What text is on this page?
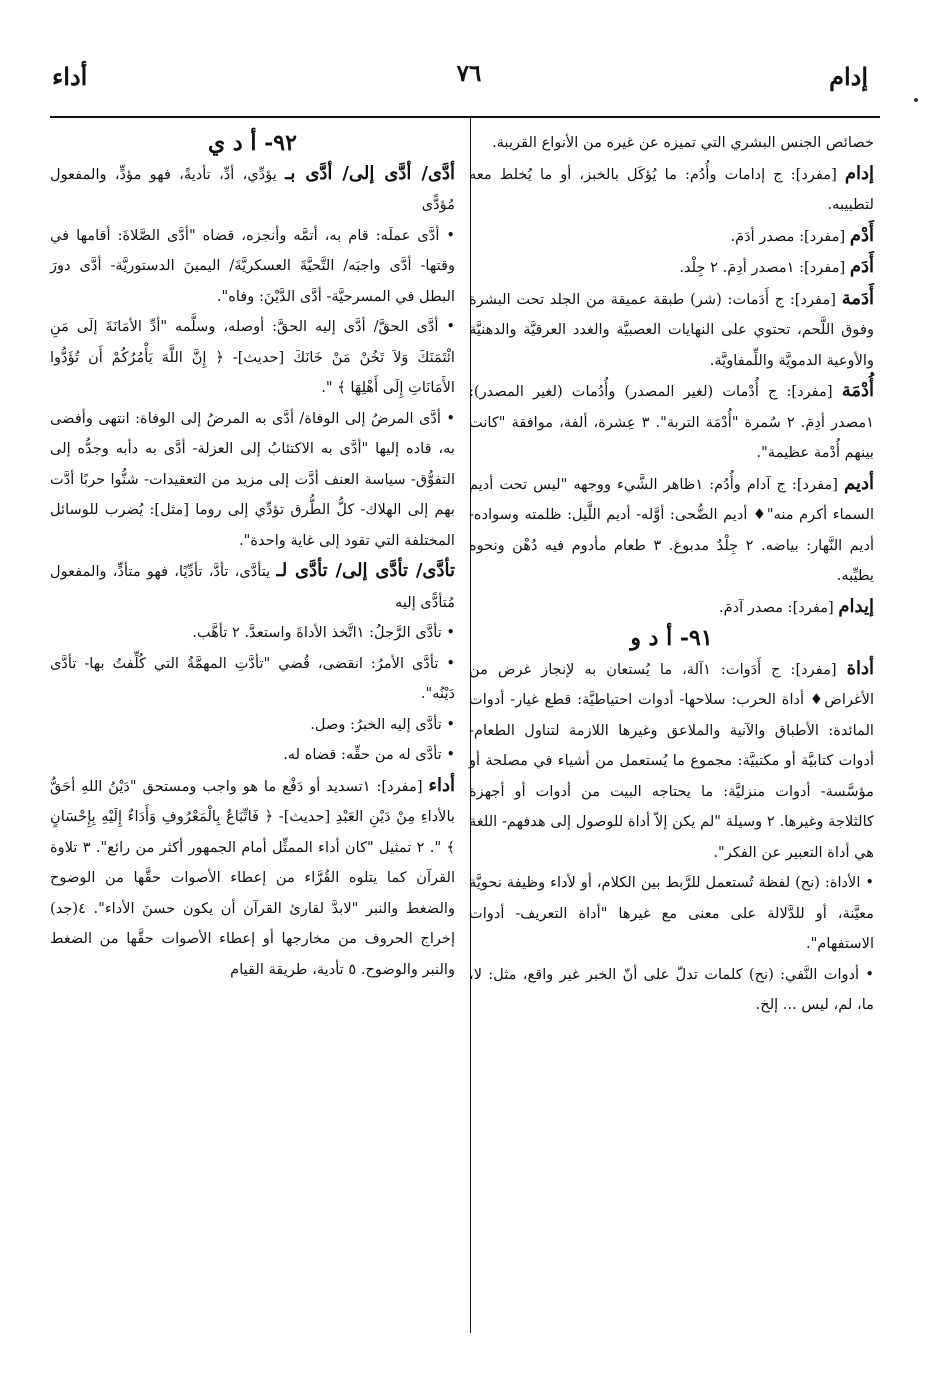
إدام
٧٦
أداء

خصائص الجنس البشري التي تميزه عن غيره من الأنواع القريبة.

إدام [مفرد]: ج إدامات وأُدُم: ما يُؤكَل بالخبز، أو ما يُخلط معه لتطييبه.

أَدْم [مفرد]: مصدر أدَمَ.

أَدَم [مفرد]: ١مصدر أدِمَ. ٢ جِلْد.

أَدَمة [مفرد]: ج أَدَمات: (شر) طبقة عميقة من الجلد تحت البشرة وفوق اللَّحم، تحتوي على النهايات العصبيَّة والغدد العرقيَّة والدهنيَّة والأوعية الدمويَّة واللِّمفاويَّة.

أُدْمَة [مفرد]: ج أُدْمات (لغير المصدر) وأُدُمات (لغير المصدر): ١مصدر أدِمَ. ٢ سُمرة "أُدْمَة التربة". ٣ عِشرة، ألفة، موافقة "كانت بينهم أُدْمة عظيمة".

أديم [مفرد]: ج آدام وأُدُم: ١ظاهر الشَّيء ووجهه "ليس تحت أديم السماء أكرم منه"♦ أديم الضُّحى: أوَّله- أديم اللَّيل: ظلمته وسواده- أديم النَّهار: بياضه. ٢ جِلْدٌ مدبوغ. ٣ طعام مأدوم فيه دُهْن ونحوه يطيِّبه.

إيدام [مفرد]: مصدر آدمَ.

٩١- أ د و

أداة [مفرد]: ج أَدَوات: ١آلة، ما يُستعان به لإنجاز غرض من الأغراض♦ أداة الحرب: سلاحها- أدوات احتياطيَّة: قطع غيار- أدوات المائدة: الأطباق والآنية والملاعق وغيرها اللازمة لتناول الطعام- أدوات كتابيَّة أو مكتبيَّة: مجموع ما يُستعمل من أشياء في مصلحة أو مؤسَّسة- أدوات منزليَّة: ما يحتاجه البيت من أدوات أو أجهزة كالثلاجة وغيرها. ٢ وسيلة "لم يكن إلاّ أداة للوصول إلى هدفهم- اللغة هي أداة التعبير عن الفكر".

• الأداة: (نح) لفظة تُستعمل للرَّبط بين الكلام، أو لأداء وظيفة نحويَّة معيَّنة، أو للدَّلالة على معنى مع غيرها "أداة التعريف- أدوات الاستفهام".

• أدوات النَّفي: (نح) كلمات تدلّ على أنّ الخبر غير واقع، مثل: لا، ما، لم، ليس ... إلخ.

٩٢- أ د ي

أدَّى/ أدَّى إلى/ أدَّى بـ يؤدِّي، أدِّ، تأديةً، فهو مؤدٍّ، والمفعول مُؤدًّى

• أدَّى عملَه: قام به، أتمَّه وأنجزه، قضاه "أدَّى الصَّلاةَ: أقامها في وقتها- أدَّى واجبَه/ التَّحيَّةَ العسكريَّةَ/ اليمينَ الدستوريَّة- أدَّى دورَ البطل في المسرحيَّة- أدَّى الدَّيْنَ: وفاه".

• أدَّى الحقَّ/ أدَّى إليه الحقَّ: أوصله، وسلَّمه "أدِّ الأمَانَةَ إلَى مَنِ ائْتَمَنَكَ وَلاَ تَخُنْ مَنْ خَانَكَ [حديث]- ﴿ إِنَّ اللَّهَ يَأْمُرُكُمْ أَن تُؤَدُّوا الأَمَانَاتِ إِلَى أَهْلِهَا ﴾ ".

• أدَّى المرضُ إلى الوفاة/ أدَّى به المرضُ إلى الوفاة: انتهى وأفضى به، قاده إليها "أدَّى به الاكتئابُ إلى العزلة- أدَّى به دأبه وجدُّه إلى التفوُّق- سياسة العنف أدَّت إلى مزيد من التعقيدات- شنُّوا حربًا أدَّت بهم إلى الهلاك- كلُّ الطُّرق تؤدِّي إلى روما [مثل]: يُضرب للوسائل المختلفة التي تقود إلى غاية واحدة".

تأدَّى/ تأدَّى إلى/ تأدَّى لـ يتأدَّى، تأدَّ، تأدِّيًا، فهو متأدٍّ، والمفعول مُتأدًّى إليه

• تأدَّى الرَّجلُ: ١اتَّخذ الأداةَ واستعدَّ. ٢ تأهَّب.

• تأدَّى الأمرُ: انقضى، قُضي "تأدَّتِ المهمَّةُ التي كُلِّفتُ بها- تأدَّى دَيْنُه".

• تأدَّى إليه الخبرُ: وصل.

• تأدَّى له من حقِّه: قضاه له.

أداء [مفرد]: ١تسديد أو دَفْع ما هو واجب ومستحق "دَيْنُ اللهِ أحَقُّ بالأداءِ مِنْ دَيْنِ العَبْدِ [حديث]- ﴿ فَاتِّبَاعٌ بِالْمَعْرُوفِ وَأَدَاءٌ إِلَيْهِ بِإِحْسَانٍ ﴾ ". ٢ تمثيل "كان أداء الممثِّل أمام الجمهور أكثر من رائع". ٣ تلاوة القرآن كما يتلوه القُرَّاء من إعطاء الأصوات حقَّها من الوضوح والضغط والنبر "لابدَّ لقارئ القرآن أن يكون حسنَ الأداء". ٤(جد) إخراج الحروف من مخارجها أو إعطاء الأصوات حقَّها من الضغط والنبر والوضوح. ٥ تأدية، طريقة القيام
